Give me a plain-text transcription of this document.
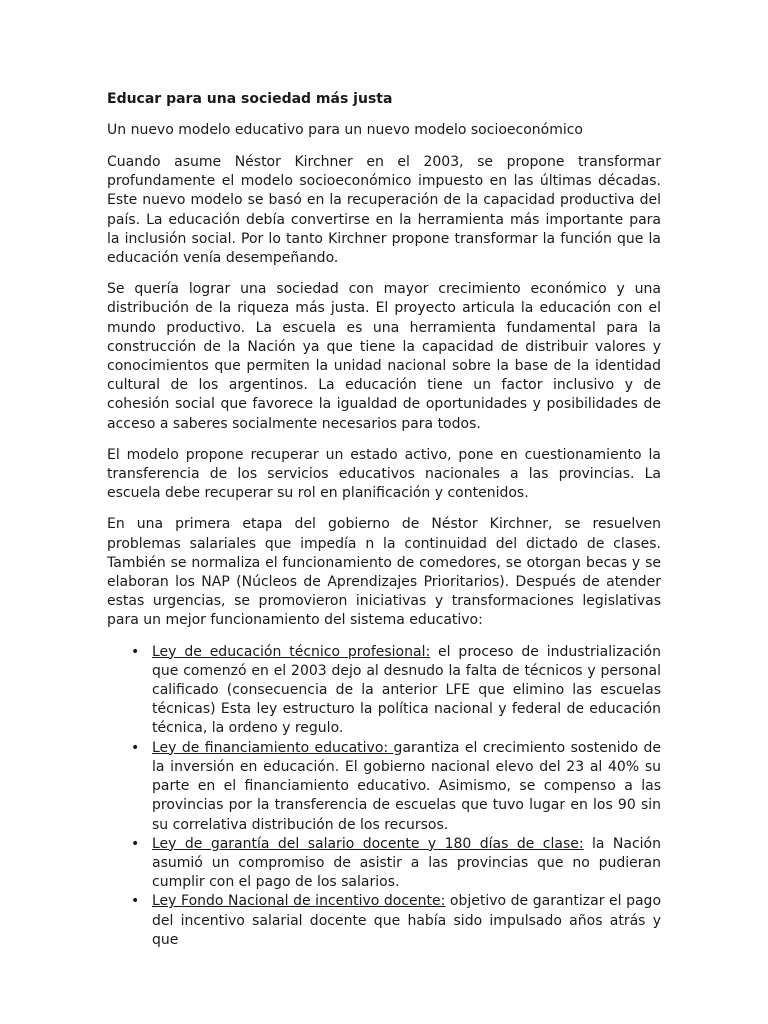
Educar para una sociedad más justa
Un nuevo modelo educativo para un nuevo modelo socioeconómico

Cuando asume Néstor Kirchner en el 2003, se propone transformar profundamente el modelo socioeconómico impuesto en las últimas décadas. Este nuevo modelo se basó en la recuperación de la capacidad productiva del país. La educación debía convertirse en la herramienta más importante para la inclusión social. Por lo tanto Kirchner propone transformar la función que la educación venía desempeñando.

Se quería lograr una sociedad con mayor crecimiento económico y una distribución de la riqueza más justa. El proyecto articula la educación con el mundo productivo. La escuela es una herramienta fundamental para la construcción de la Nación ya que tiene la capacidad de distribuir valores y conocimientos que permiten la unidad nacional sobre la base de la identidad cultural de los argentinos. La educación tiene un factor inclusivo y de cohesión social que favorece la igualdad de oportunidades y posibilidades de acceso a saberes socialmente necesarios para todos.

El modelo propone recuperar un estado activo, pone en cuestionamiento la transferencia de los servicios educativos nacionales a las provincias. La escuela debe recuperar su rol en planificación y contenidos.

En una primera etapa del gobierno de Néstor Kirchner, se resuelven problemas salariales que impedía n la continuidad del dictado de clases. También se normaliza el funcionamiento de comedores, se otorgan becas y se elaboran los NAP (Núcleos de Aprendizajes Prioritarios). Después de atender estas urgencias, se promovieron iniciativas y transformaciones legislativas para un mejor funcionamiento del sistema educativo:

• Ley de educación técnico profesional: el proceso de industrialización que comenzó en el 2003 dejo al desnudo la falta de técnicos y personal calificado (consecuencia de la anterior LFE que elimino las escuelas técnicas) Esta ley estructuro la política nacional y federal de educación técnica, la ordeno y regulo.
• Ley de financiamiento educativo: garantiza el crecimiento sostenido de la inversión en educación. El gobierno nacional elevo del 23 al 40% su parte en el financiamiento educativo. Asimismo, se compenso a las provincias por la transferencia de escuelas que tuvo lugar en los 90 sin su correlativa distribución de los recursos.
• Ley de garantía del salario docente y 180 días de clase: la Nación asumió un compromiso de asistir a las provincias que no pudieran cumplir con el pago de los salarios.
• Ley Fondo Nacional de incentivo docente: objetivo de garantizar el pago del incentivo salarial docente que había sido impulsado años atrás y que
